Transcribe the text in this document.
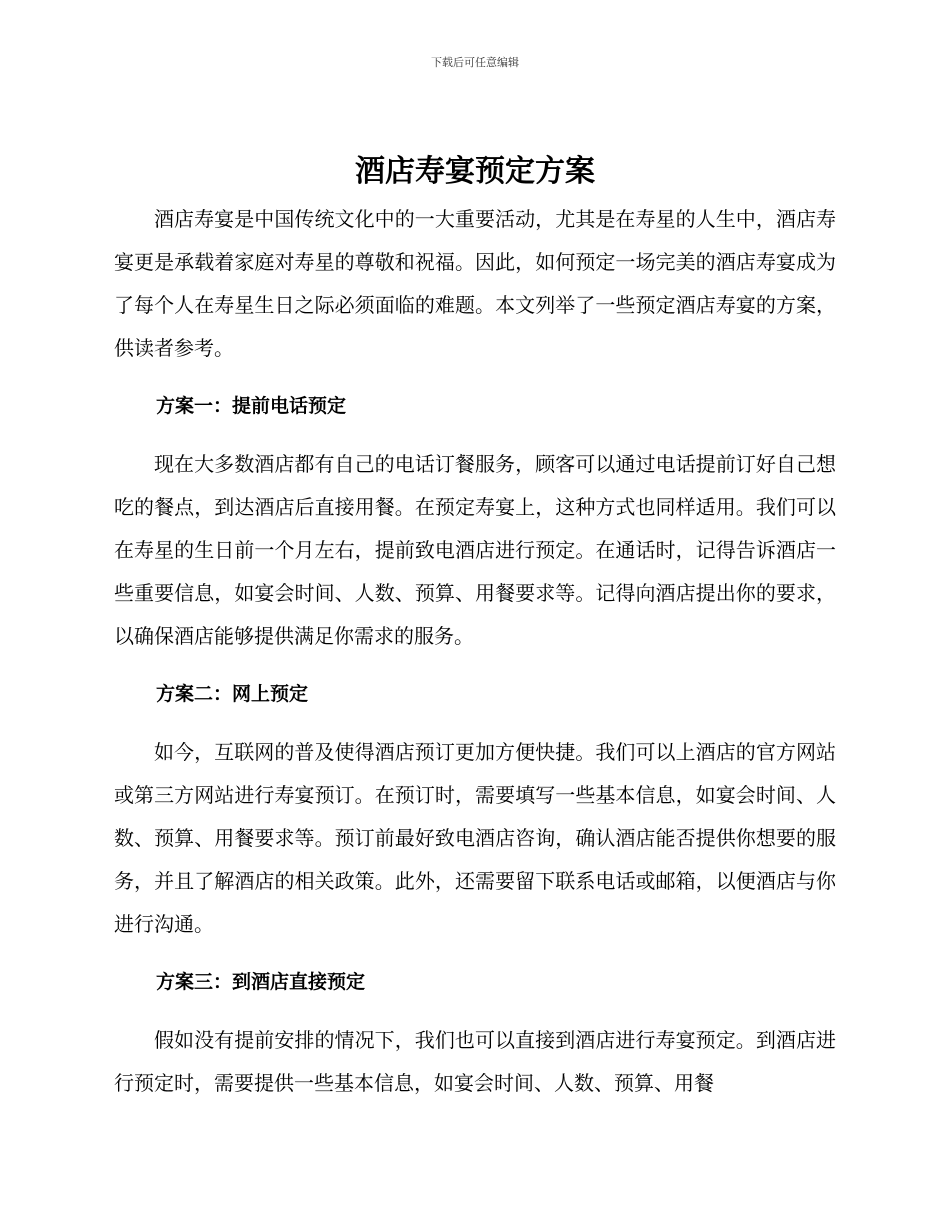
下载后可任意编辑
酒店寿宴预定方案

酒店寿宴是中国传统文化中的一大重要活动，尤其是在寿星的人生中，酒店寿宴更是承载着家庭对寿星的尊敬和祝福。因此，如何预定一场完美的酒店寿宴成为了每个人在寿星生日之际必须面临的难题。本文列举了一些预定酒店寿宴的方案，供读者参考。

方案一：提前电话预定

现在大多数酒店都有自己的电话订餐服务，顾客可以通过电话提前订好自己想吃的餐点，到达酒店后直接用餐。在预定寿宴上，这种方式也同样适用。我们可以在寿星的生日前一个月左右，提前致电酒店进行预定。在通话时，记得告诉酒店一些重要信息，如宴会时间、人数、预算、用餐要求等。记得向酒店提出你的要求，以确保酒店能够提供满足你需求的服务。

方案二：网上预定

如今，互联网的普及使得酒店预订更加方便快捷。我们可以上酒店的官方网站或第三方网站进行寿宴预订。在预订时，需要填写一些基本信息，如宴会时间、人数、预算、用餐要求等。预订前最好致电酒店咨询，确认酒店能否提供你想要的服务，并且了解酒店的相关政策。此外，还需要留下联系电话或邮箱，以便酒店与你进行沟通。

方案三：到酒店直接预定

假如没有提前安排的情况下，我们也可以直接到酒店进行寿宴预定。到酒店进行预定时，需要提供一些基本信息，如宴会时间、人数、预算、用餐
